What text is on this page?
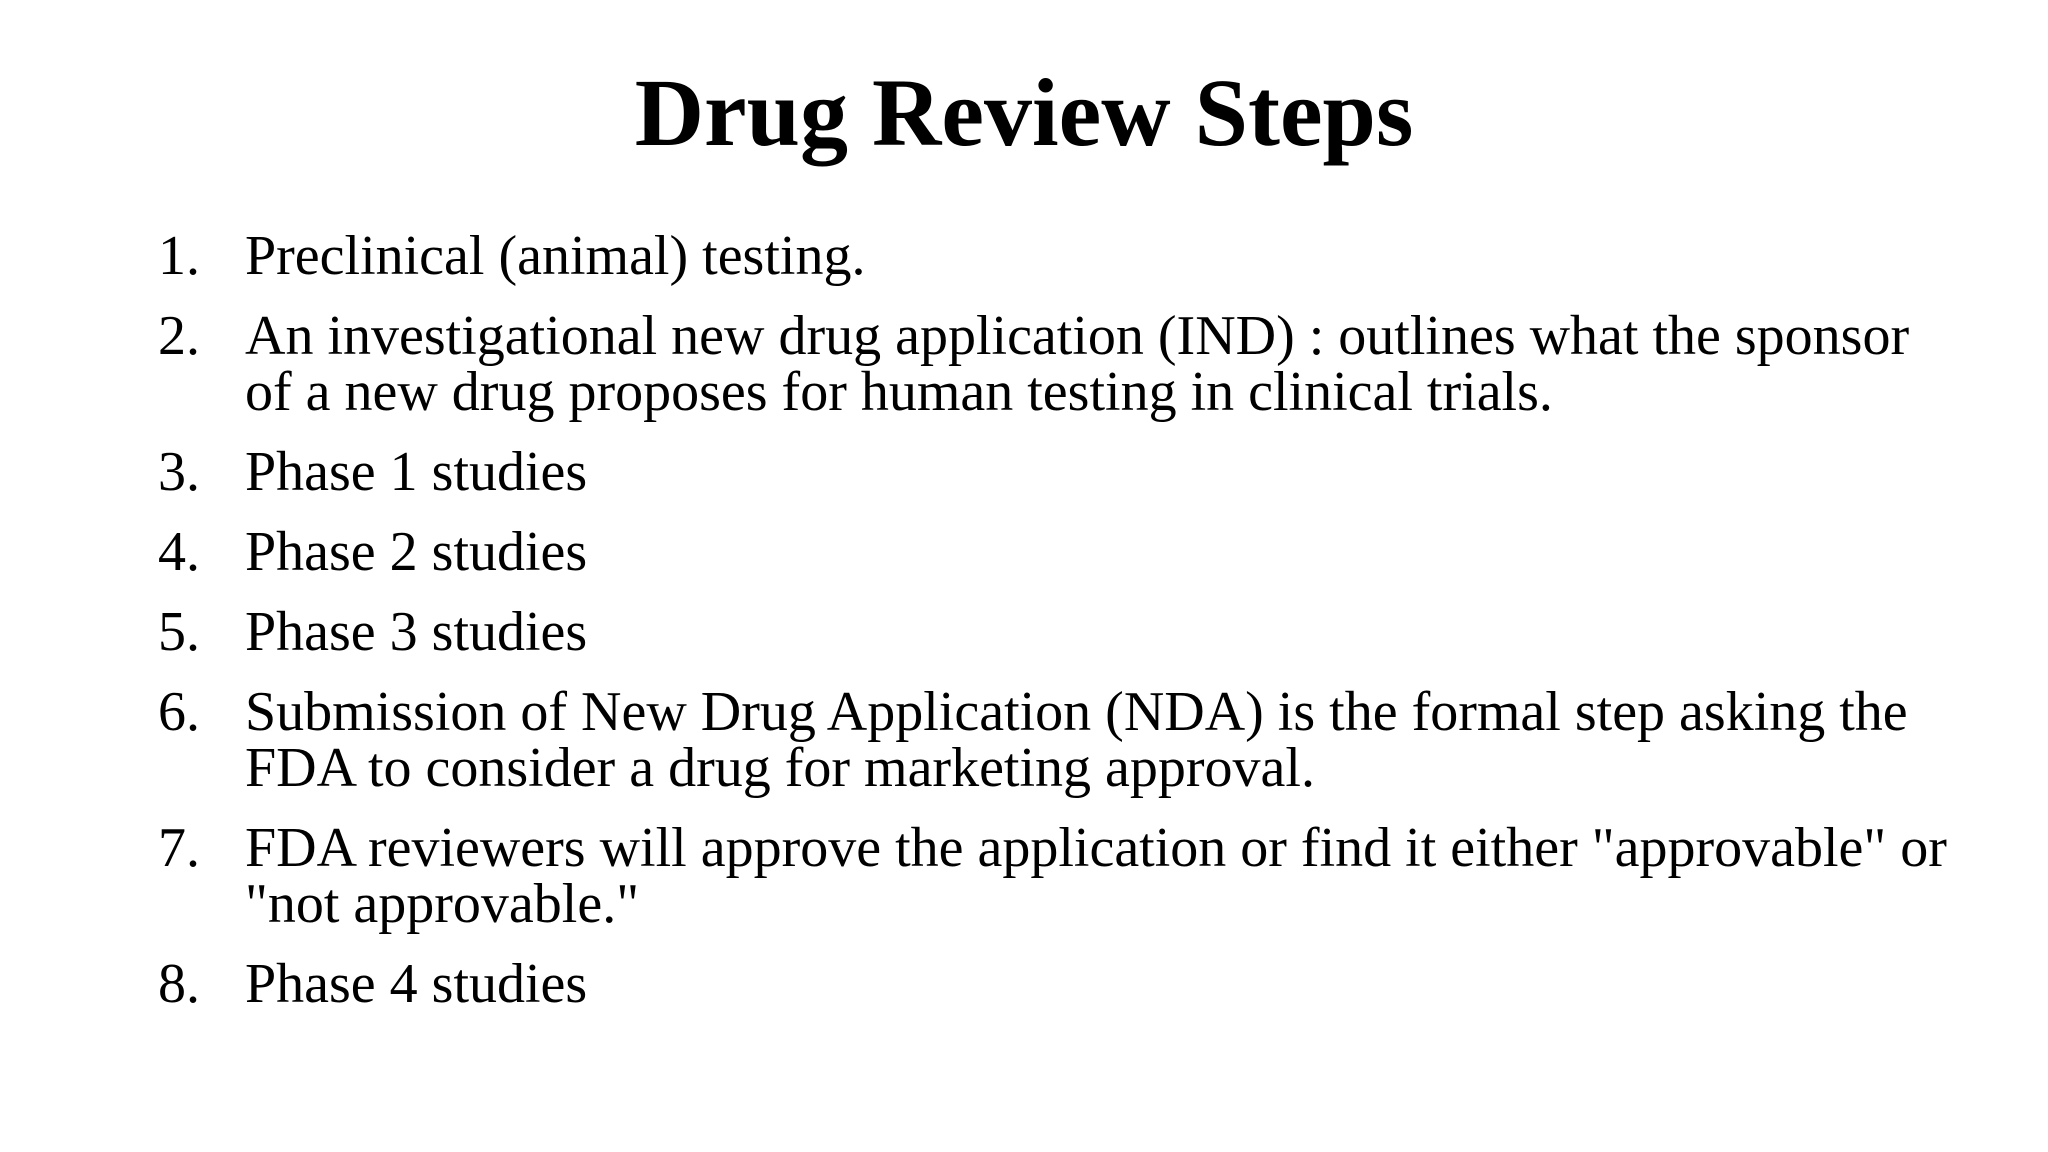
Drug Review Steps
1. Preclinical (animal) testing.
2. An investigational new drug application (IND) : outlines what the sponsor of a new drug proposes for human testing in clinical trials.
3. Phase 1 studies
4. Phase 2 studies
5. Phase 3 studies
6. Submission of New Drug Application (NDA) is the formal step asking the FDA to consider a drug for marketing approval.
7. FDA reviewers will approve the application or find it either "approvable" or "not approvable."
8. Phase 4 studies
